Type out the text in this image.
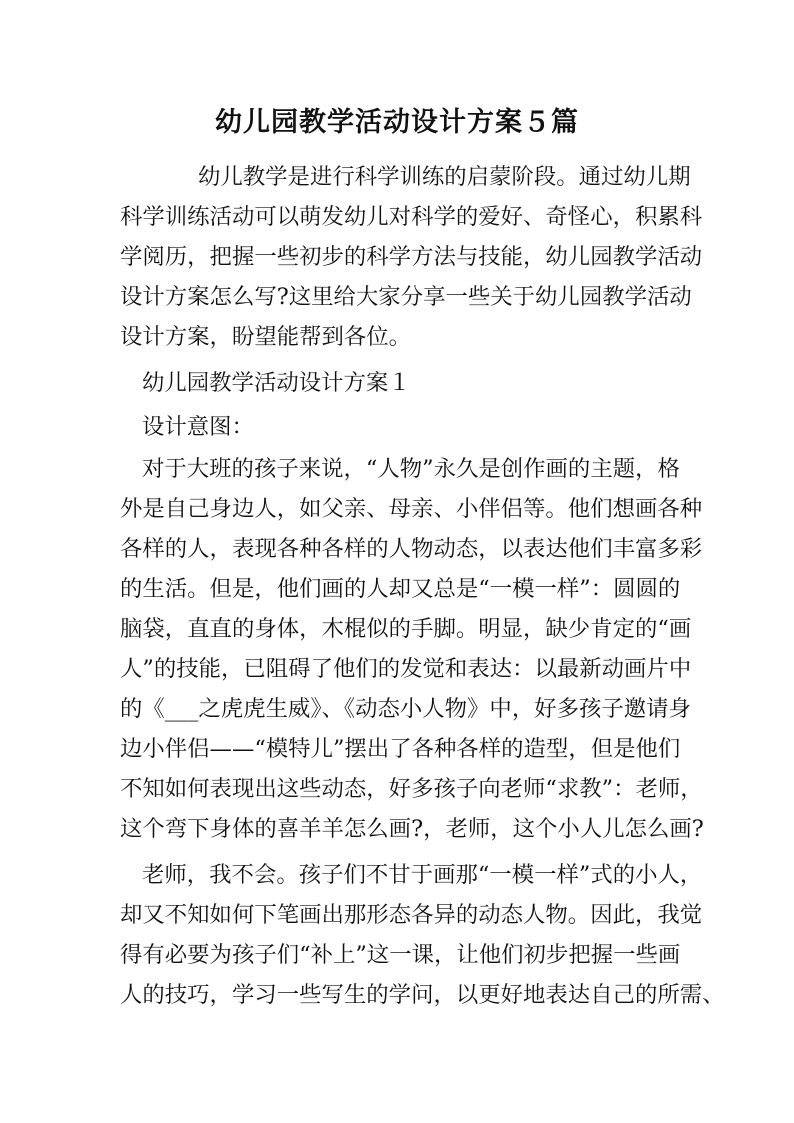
幼儿园教学活动设计方案５篇
幼儿教学是进行科学训练的启蒙阶段。通过幼儿期
科学训练活动可以萌发幼儿对科学的爱好、奇怪心，积累科
学阅历，把握一些初步的科学方法与技能，幼儿园教学活动
设计方案怎么写?这里给大家分享一些关于幼儿园教学活动
设计方案，盼望能帮到各位。
幼儿园教学活动设计方案１
设计意图：
对于大班的孩子来说，“人物”永久是创作画的主题，格
外是自己身边人，如父亲、母亲、小伴侣等。他们想画各种
各样的人，表现各种各样的人物动态，以表达他们丰富多彩
的生活。但是，他们画的人却又总是“一模一样”：圆圆的
脑袋，直直的身体，木棍似的手脚。明显，缺少肯定的“画
人”的技能，已阻碍了他们的发觉和表达：以最新动画片中
的《___之虎虎生威》、《动态小人物》中，好多孩子邀请身
边小伴侣——“模特儿”摆出了各种各样的造型，但是他们
不知如何表现出这些动态，好多孩子向老师“求教”：老师，
这个弯下身体的喜羊羊怎么画?，老师，这个小人儿怎么画?
老师，我不会。孩子们不甘于画那“一模一样”式的小人，
却又不知如何下笔画出那形态各异的动态人物。因此，我觉
得有必要为孩子们“补上”这一课，让他们初步把握一些画
人的技巧，学习一些写生的学问，以更好地表达自己的所需、
